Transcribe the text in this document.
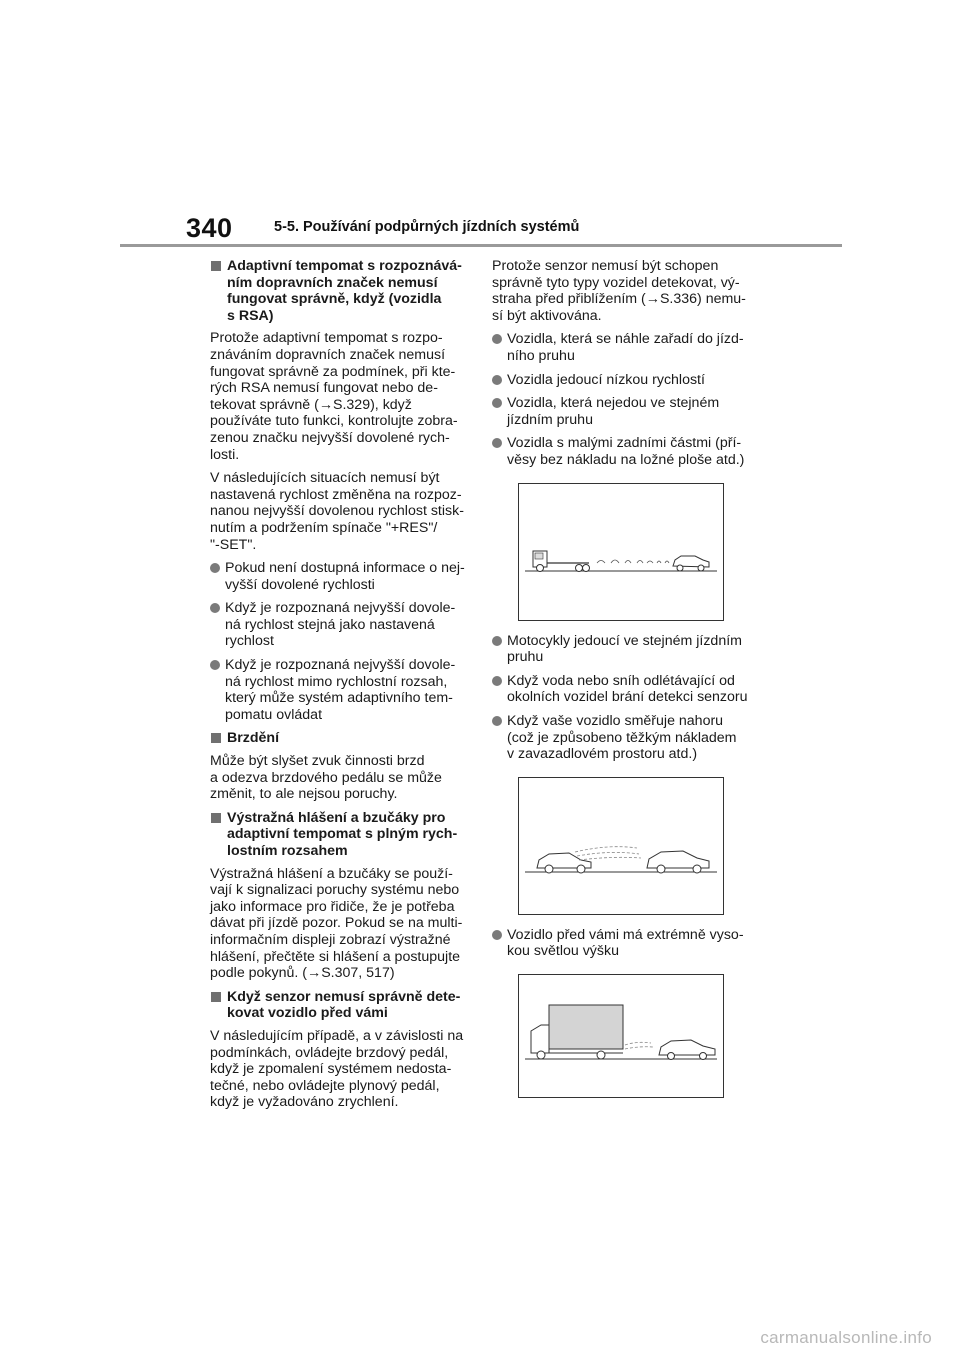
340	5-5. Používání podpůrných jízdních systémů
Adaptivní tempomat s rozpoznává-
ním dopravních značek nemusí
fungovat správně, když (vozidla
s RSA)
Protože adaptivní tempomat s rozpo-
znáváním dopravních značek nemusí
fungovat správně za podmínek, při kte-
rých RSA nemusí fungovat nebo de-
tekovat správně (→S.329), když
používáte tuto funkci, kontrolujte zobra-
zenou značku nejvyšší dovolené rych-
losti.
V následujících situacích nemusí být
nastavená rychlost změněna na rozpoz-
nanou nejvyšší dovolenou rychlost stisk-
nutím a podržením spínače "+RES"/
"-SET".
Pokud není dostupná informace o nej-
vyšší dovolené rychlosti
Když je rozpoznaná nejvyšší dovole-
ná rychlost stejná jako nastavená
rychlost
Když je rozpoznaná nejvyšší dovole-
ná rychlost mimo rychlostní rozsah,
který může systém adaptivního tem-
pomatu ovládat
Brzdění
Může být slyšet zvuk činnosti brzd
a odezva brzdového pedálu se může
změnit, to ale nejsou poruchy.
Výstražná hlášení a bzučáky pro
adaptivní tempomat s plným rych-
lostním rozsahem
Výstražná hlášení a bzučáky se použí-
vají k signalizaci poruchy systému nebo
jako informace pro řidiče, že je potřeba
dávat při jízdě pozor. Pokud se na multi-
informačním displeji zobrazí výstražné
hlášení, přečtěte si hlášení a postupujte
podle pokynů. (→S.307, 517)
Když senzor nemusí správně dete-
kovat vozidlo před vámi
V následujícím případě, a v závislosti na
podmínkách, ovládejte brzdový pedál,
když je zpomalení systémem nedosta-
tečné, nebo ovládejte plynový pedál,
když je vyžadováno zrychlení.
Protože senzor nemusí být schopen
správně tyto typy vozidel detekovat, vý-
straha před přiblížením (→S.336) nemu-
sí být aktivována.
Vozidla, která se náhle zařadí do jízd-
ního pruhu
Vozidla jedoucí nízkou rychlostí
Vozidla, která nejedou ve stejném
jízdním pruhu
Vozidla s malými zadními částmi (pří-
věsy bez nákladu na ložné ploše atd.)
Motocykly jedoucí ve stejném jízdním
pruhu
Když voda nebo sníh odlétávající od
okolních vozidel brání detekci senzoru
Když vaše vozidlo směřuje nahoru
(což je způsobeno těžkým nákladem
v zavazadlovém prostoru atd.)
Vozidlo před vámi má extrémně vyso-
kou světlou výšku
carmanualsonline.info
